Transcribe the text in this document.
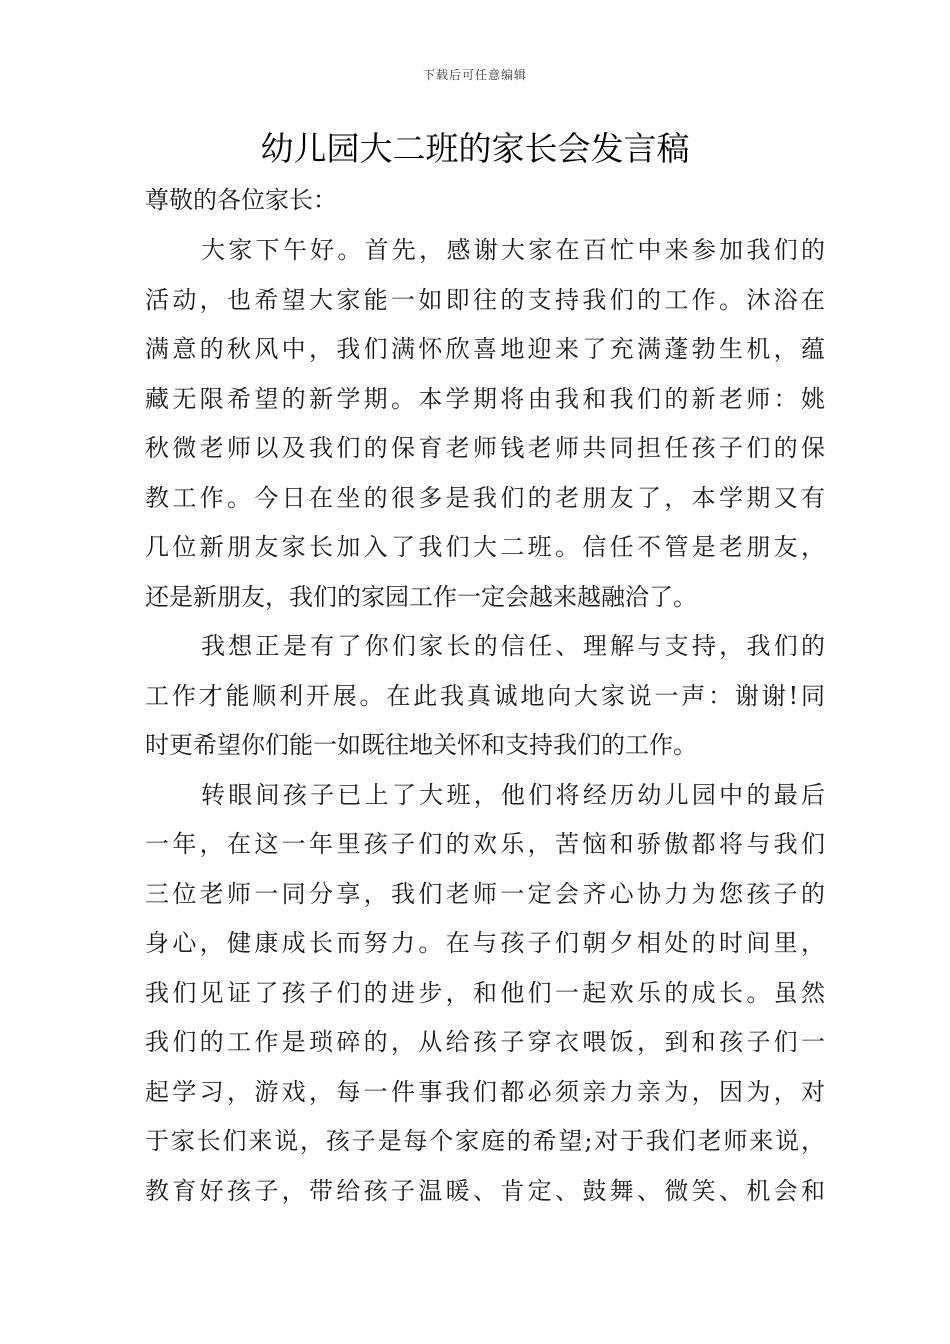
下载后可任意编辑
幼儿园大二班的家长会发言稿

尊敬的各位家长：

大家下午好。首先，感谢大家在百忙中来参加我们的
活动，也希望大家能一如即往的支持我们的工作。沐浴在
满意的秋风中，我们满怀欣喜地迎来了充满蓬勃生机，蕴
藏无限希望的新学期。本学期将由我和我们的新老师：姚
秋微老师以及我们的保育老师钱老师共同担任孩子们的保
教工作。今日在坐的很多是我们的老朋友了，本学期又有
几位新朋友家长加入了我们大二班。信任不管是老朋友，
还是新朋友，我们的家园工作一定会越来越融洽了。

我想正是有了你们家长的信任、理解与支持，我们的
工作才能顺利开展。在此我真诚地向大家说一声：谢谢!同
时更希望你们能一如既往地关怀和支持我们的工作。

转眼间孩子已上了大班，他们将经历幼儿园中的最后
一年，在这一年里孩子们的欢乐，苦恼和骄傲都将与我们
三位老师一同分享，我们老师一定会齐心协力为您孩子的
身心，健康成长而努力。在与孩子们朝夕相处的时间里，
我们见证了孩子们的进步，和他们一起欢乐的成长。虽然
我们的工作是琐碎的，从给孩子穿衣喂饭，到和孩子们一
起学习，游戏，每一件事我们都必须亲力亲为，因为，对
于家长们来说，孩子是每个家庭的希望;对于我们老师来说，
教育好孩子，带给孩子温暖、肯定、鼓舞、微笑、机会和
